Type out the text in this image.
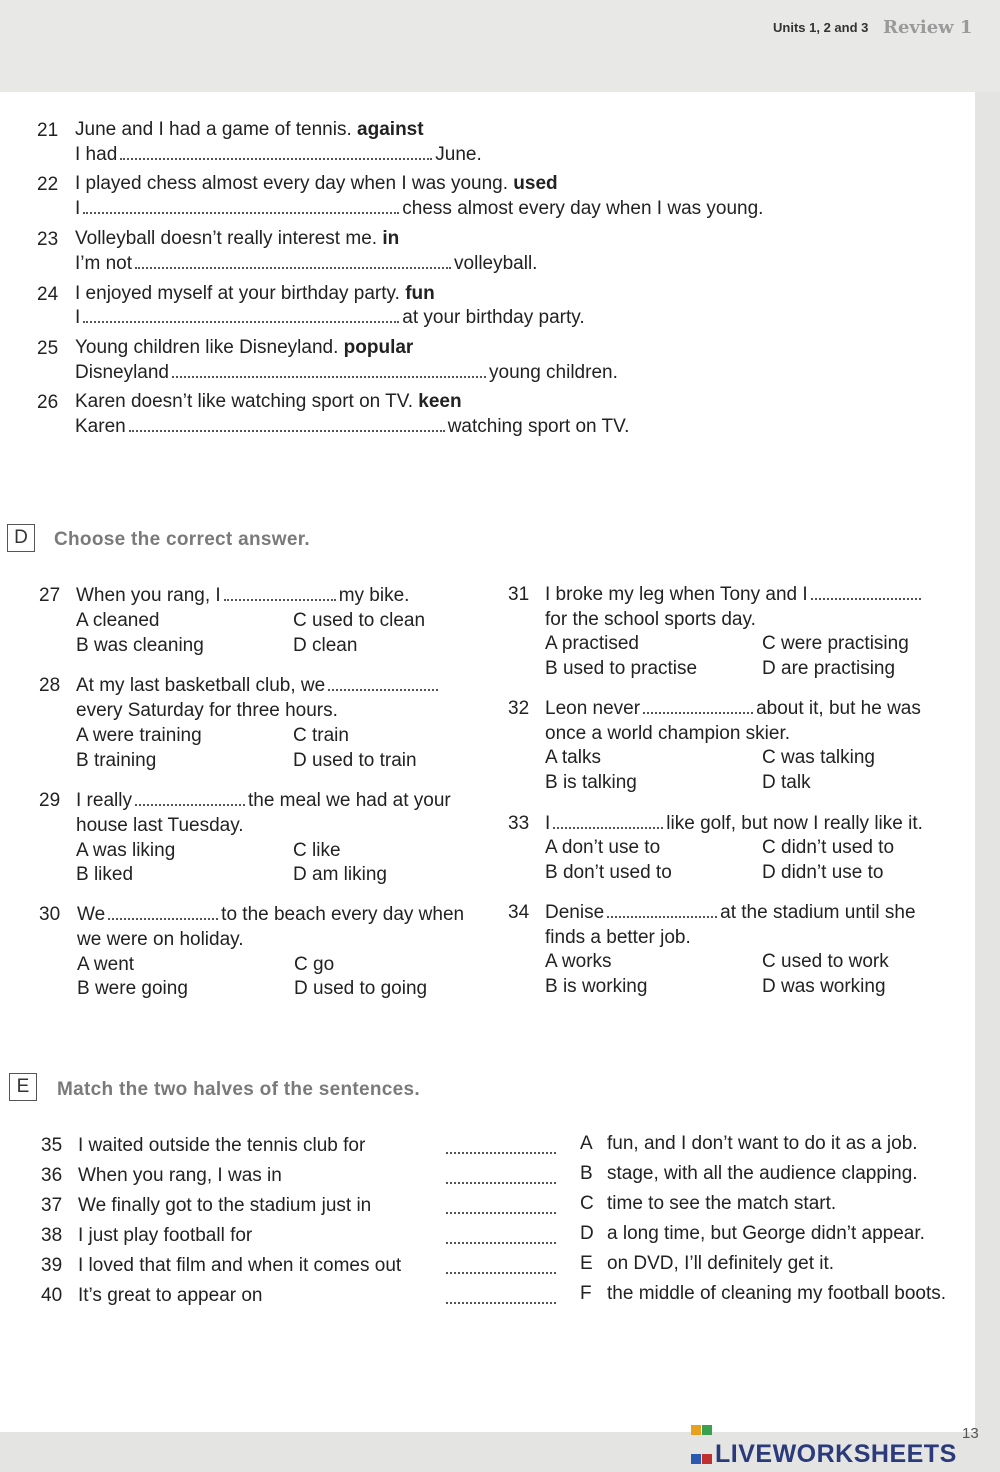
Units 1, 2 and 3 Review 1
21 June and I had a game of tennis. against
I had	June.
22 I played chess almost every day when I was young. used
I	chess almost every day when I was young.
23 Volleyball doesn’t really interest me. in
I’m not	volleyball.
24 I enjoyed myself at your birthday party. fun
I	at your birthday party.
25 Young children like Disneyland. popular
Disneyland	young children.
26 Karen doesn’t like watching sport on TV. keen
Karen	watching sport on TV.
D	Choose the correct answer.
27 When you rang, I	my bike.
A cleaned
B was cleaning
C used to clean
D clean
28 At my last basketball club, we
every Saturday for three hours.
A were training
B training
C train
D used to train
29 I really	the meal we had at your
house last Tuesday.
A was liking
B liked
C like
D am liking
30 We	to the beach every day when
we were on holiday.
A went
B were going
C go
D used to going
31 I broke my leg when Tony and I
for the school sports day.
A practised
B used to practise
C were practising
D are practising
32 Leon never	about it, but he was
once a world champion skier.
A talks
B is talking
C was talking
D talk
33 I	like golf, but now I really like it.
A don’t use to
B don’t used to
C didn’t used to
D didn’t use to
34 Denise	at the stadium until she
finds a better job.
A works
B is working
C used to work
D was working
E	Match the two halves of the sentences.
35 I waited outside the tennis club for	A fun, and I don’t want to do it as a job.
36 When you rang, I was in	B stage, with all the audience clapping.
37 We finally got to the stadium just in	C time to see the match start.
38 I just play football for	D a long time, but George didn’t appear.
39 I loved that film and when it comes out	E on DVD, I’ll definitely get it.
40 It’s great to appear on	F the middle of cleaning my football boots.
LIVEWORKSHEETS
13
